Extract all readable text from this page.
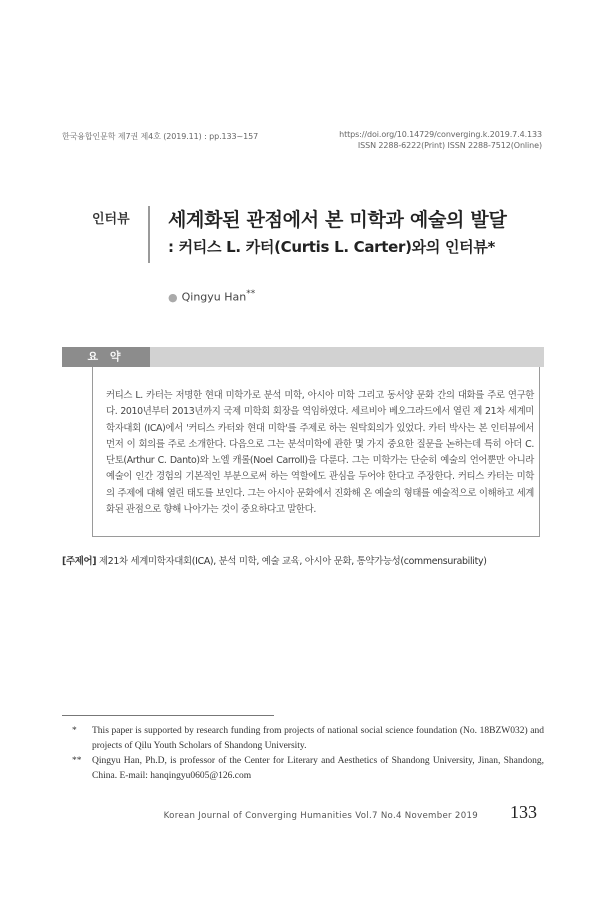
한국융합인문학 제7권 제4호 (2019.11) : pp.133~157	https://doi.org/10.14729/converging.k.2019.7.4.133
ISSN 2288-6222(Print) ISSN 2288-7512(Online)
인터뷰 세계화된 관점에서 본 미학과 예술의 발달
: 커티스 L. 카터(Curtis L. Carter)와의 인터뷰*
● Qingyu Han**
요 약
커티스 L. 카터는 저명한 현대 미학가로 분석 미학, 아시아 미학 그리고 동서양 문화 간의 대화를 주로 연구한다. 2010년부터 2013년까지 국제 미학회 회장을 역임하였다. 세르비아 베오그라드에서 열린 제 21차 세계미학자대회 (ICA)에서 '커티스 카터와 현대 미학'를 주제로 하는 원탁회의가 있었다. 카터 박사는 본 인터뷰에서 먼저 이 회의를 주로 소개한다. 다음으로 그는 분석미학에 관한 몇 가지 중요한 질문을 논하는데 특히 아더 C. 단토(Arthur C. Danto)와 노엘 캐롤(Noel Carroll)을 다룬다. 그는 미학가는 단순히 예술의 언어뿐만 아니라 예술이 인간 경험의 기본적인 부분으로써 하는 역할에도 관심을 두어야 한다고 주장한다. 커티스 카터는 미학의 주제에 대해 열린 태도를 보인다. 그는 아시아 문화에서 진화해 온 예술의 형태를 예술적으로 이해하고 세계화된 관점으로 향해 나아가는 것이 중요하다고 말한다.
[주제어] 제21차 세계미학자대회(ICA), 분석 미학, 예술 교육, 아시아 문화, 통약가능성(commensurability)
* This paper is supported by research funding from projects of national social science foundation (No. 18BZW032) and projects of Qilu Youth Scholars of Shandong University.
** Qingyu Han, Ph.D, is professor of the Center for Literary and Aesthetics of Shandong University, Jinan, Shandong, China. E-mail: hanqingyu0605@126.com
Korean Journal of Converging Humanities Vol.7 No.4 November 2019 133
